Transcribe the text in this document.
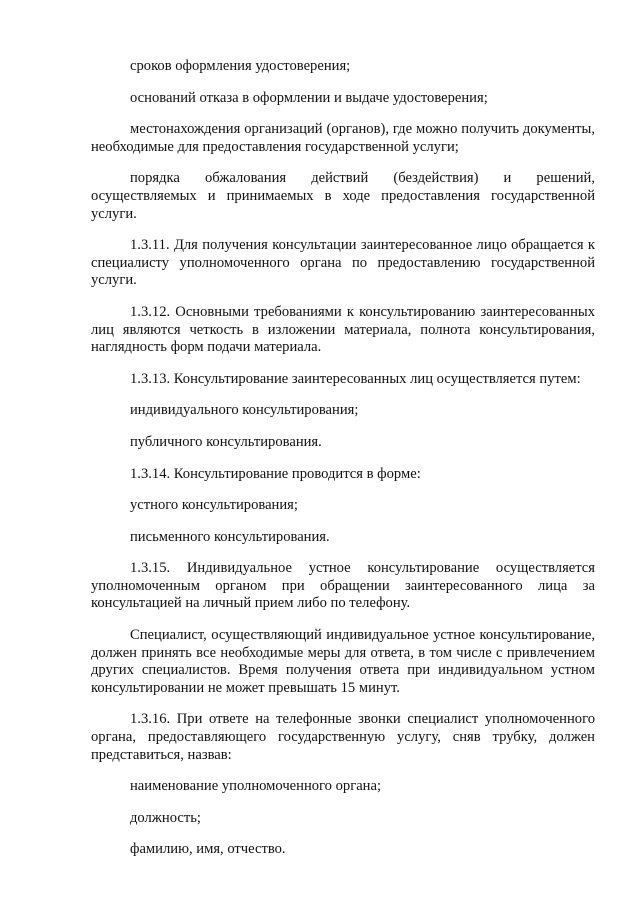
сроков оформления удостоверения;

оснований отказа в оформлении и выдаче удостоверения;

местонахождения организаций (органов), где можно получить документы, необходимые для предоставления государственной услуги;

порядка обжалования действий (бездействия) и решений, осуществляемых и принимаемых в ходе предоставления государственной услуги.

1.3.11. Для получения консультации заинтересованное лицо обращается к специалисту уполномоченного органа по предоставлению государственной услуги.

1.3.12. Основными требованиями к консультированию заинтересованных лиц являются четкость в изложении материала, полнота консультирования, наглядность форм подачи материала.

1.3.13. Консультирование заинтересованных лиц осуществляется путем:

индивидуального консультирования;

публичного консультирования.

1.3.14. Консультирование проводится в форме:

устного консультирования;

письменного консультирования.

1.3.15. Индивидуальное устное консультирование осуществляется уполномоченным органом при обращении заинтересованного лица за консультацией на личный прием либо по телефону.

Специалист, осуществляющий индивидуальное устное консультирование, должен принять все необходимые меры для ответа, в том числе с привлечением других специалистов. Время получения ответа при индивидуальном устном консультировании не может превышать 15 минут.

1.3.16. При ответе на телефонные звонки специалист уполномоченного органа, предоставляющего государственную услугу, сняв трубку, должен представиться, назвав:

наименование уполномоченного органа;

должность;

фамилию, имя, отчество.
